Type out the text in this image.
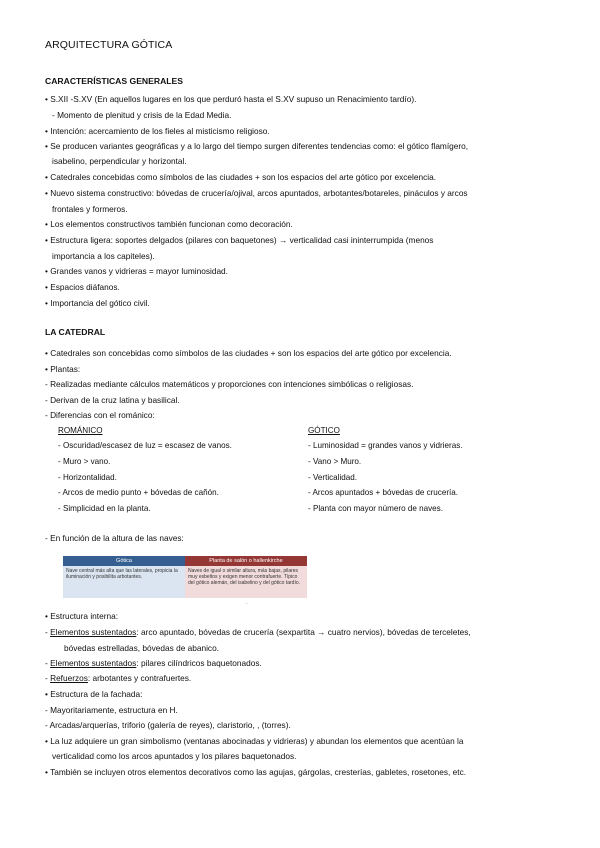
ARQUITECTURA GÓTICA
CARACTERÍSTICAS GENERALES
• S.XII -S.XV (En aquellos lugares en los que perduró hasta el S.XV supuso un Renacimiento tardío).
- Momento de plenitud y crisis de la Edad Media.
• Intención: acercamiento de los fieles al misticismo religioso.
• Se producen variantes geográficas y a lo largo del tiempo surgen diferentes tendencias como: el gótico flamígero,
isabelino, perpendicular y horizontal.
• Catedrales concebidas como símbolos de las ciudades + son los espacios del arte gótico por excelencia.
• Nuevo sistema constructivo: bóvedas de crucería/ojival, arcos apuntados, arbotantes/botareles, pináculos y arcos
frontales y formeros.
• Los elementos constructivos también funcionan como decoración.
• Estructura ligera: soportes delgados (pilares con baquetones) → verticalidad casi ininterrumpida (menos
importancia a los capiteles).
• Grandes vanos y vidrieras = mayor luminosidad.
• Espacios diáfanos.
• Importancia del gótico civil.
LA CATEDRAL
• Catedrales son concebidas como símbolos de las ciudades + son los espacios del arte gótico por excelencia.
• Plantas:
- Realizadas mediante cálculos matemáticos y proporciones con intenciones simbólicas o religiosas.
- Derivan de la cruz latina y basilical.
- Diferencias con el románico:
ROMÁNICO
- Oscuridad/escasez de luz = escasez de vanos.
- Muro > vano.
- Horizontalidad.
- Arcos de medio punto + bóvedas de cañón.
- Simplicidad en la planta.
GÓTICO
- Luminosidad = grandes vanos y vidrieras.
- Vano > Muro.
- Verticalidad.
- Arcos apuntados + bóvedas de crucería.
- Planta con mayor número de naves.
- En función de la altura de las naves:
Gótica
Nave central más alta que las laterales, propicia la iluminación y posibilita arbotantes.
Planta de salón o hallenkirche
Naves de igual o similar altura, más bajas, pilares muy esbeltos y exigen menor contrafuerte. Típico del gótico alemán, del isabelino y del gótico tardío.
.
• Estructura interna:
- Elementos sustentados: arco apuntado, bóvedas de crucería (sexpartita → cuatro nervios), bóvedas de terceletes,
bóvedas estrelladas, bóvedas de abanico.
- Elementos sustentados: pilares cilíndricos baquetonados.
- Refuerzos: arbotantes y contrafuertes.
• Estructura de la fachada:
- Mayoritariamente, estructura en H.
- Arcadas/arquerías, triforio (galería de reyes), claristorio, , (torres).
• La luz adquiere un gran simbolismo (ventanas abocinadas y vidrieras) y abundan los elementos que acentúan la
verticalidad como los arcos apuntados y los pilares baquetonados.
• También se incluyen otros elementos decorativos como las agujas, gárgolas, cresterías, gabletes, rosetones, etc.
